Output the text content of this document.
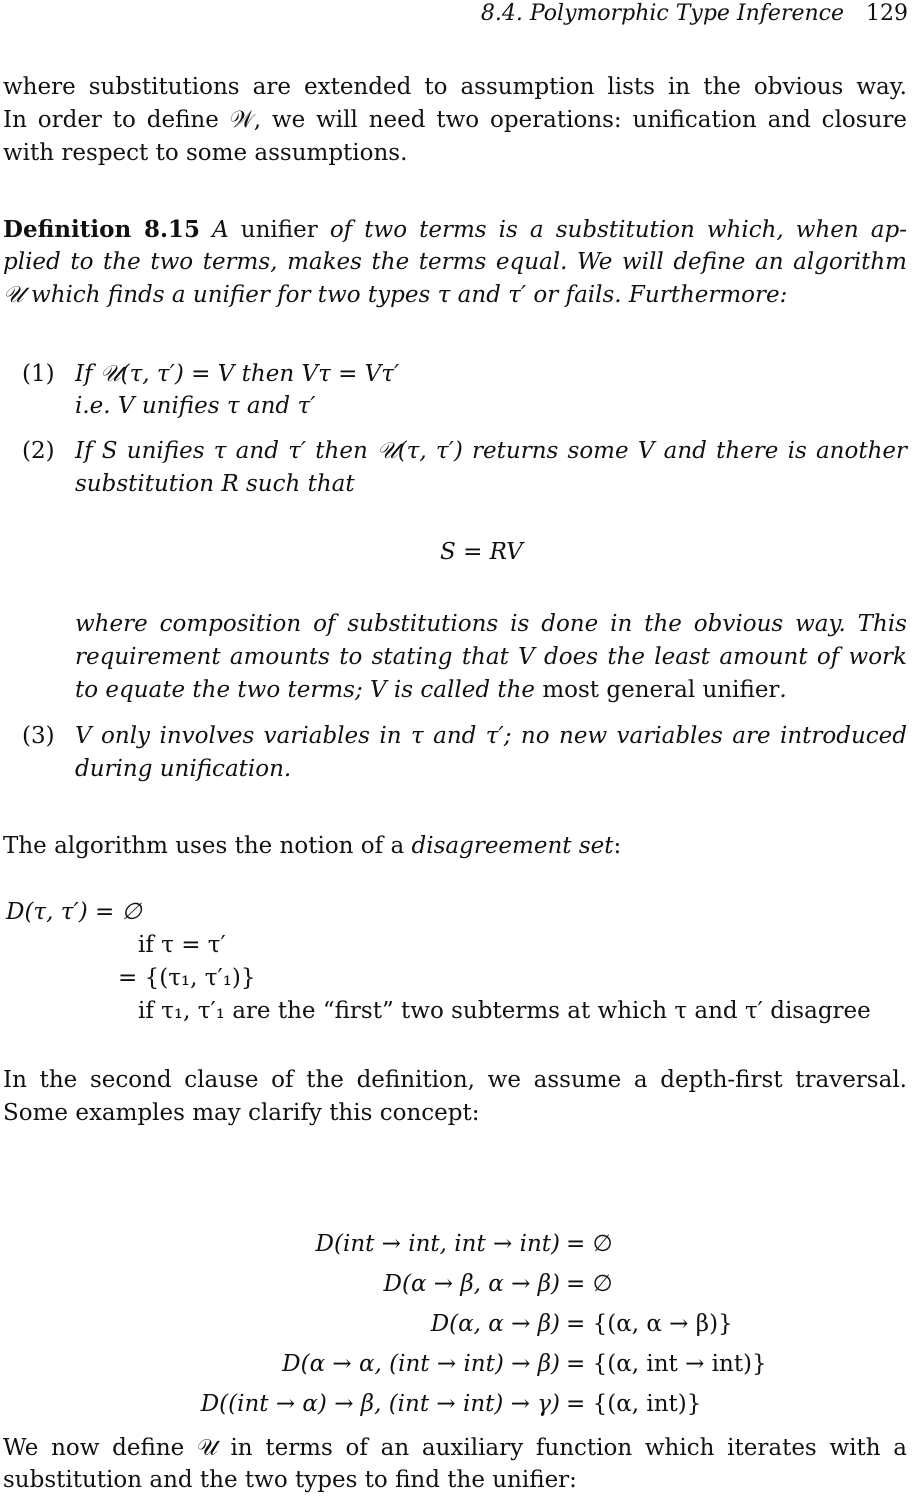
8.4. Polymorphic Type Inference 129
where substitutions are extended to assumption lists in the obvious way.
In order to define 𝒲, we will need two operations: unification and closure
with respect to some assumptions.
Definition 8.15 A unifier of two terms is a substitution which, when ap-
plied to the two terms, makes the terms equal. We will define an algorithm
𝒰 which finds a unifier for two types τ and τ′ or fails. Furthermore:
(1) If 𝒰(τ, τ′) = V then Vτ = Vτ′
i.e. V unifies τ and τ′
(2) If S unifies τ and τ′ then 𝒰(τ, τ′) returns some V and there is another
substitution R such that
S = RV
where composition of substitutions is done in the obvious way. This
requirement amounts to stating that V does the least amount of work
to equate the two terms; V is called the most general unifier.
(3) V only involves variables in τ and τ′; no new variables are introduced
during unification.
The algorithm uses the notion of a disagreement set:
D(τ, τ′) = ∅
if τ = τ′
= {(τ₁, τ′₁)}
if τ₁, τ′₁ are the “first” two subterms at which τ and τ′ disagree
In the second clause of the definition, we assume a depth-first traversal.
Some examples may clarify this concept:
D(int → int, int → int) = ∅
D(α → β, α → β) = ∅
D(α, α → β) = {(α, α → β)}
D(α → α, (int → int) → β) = {(α, int → int)}
D((int → α) → β, (int → int) → γ) = {(α, int)}
We now define 𝒰 in terms of an auxiliary function which iterates with a
substitution and the two types to find the unifier:
